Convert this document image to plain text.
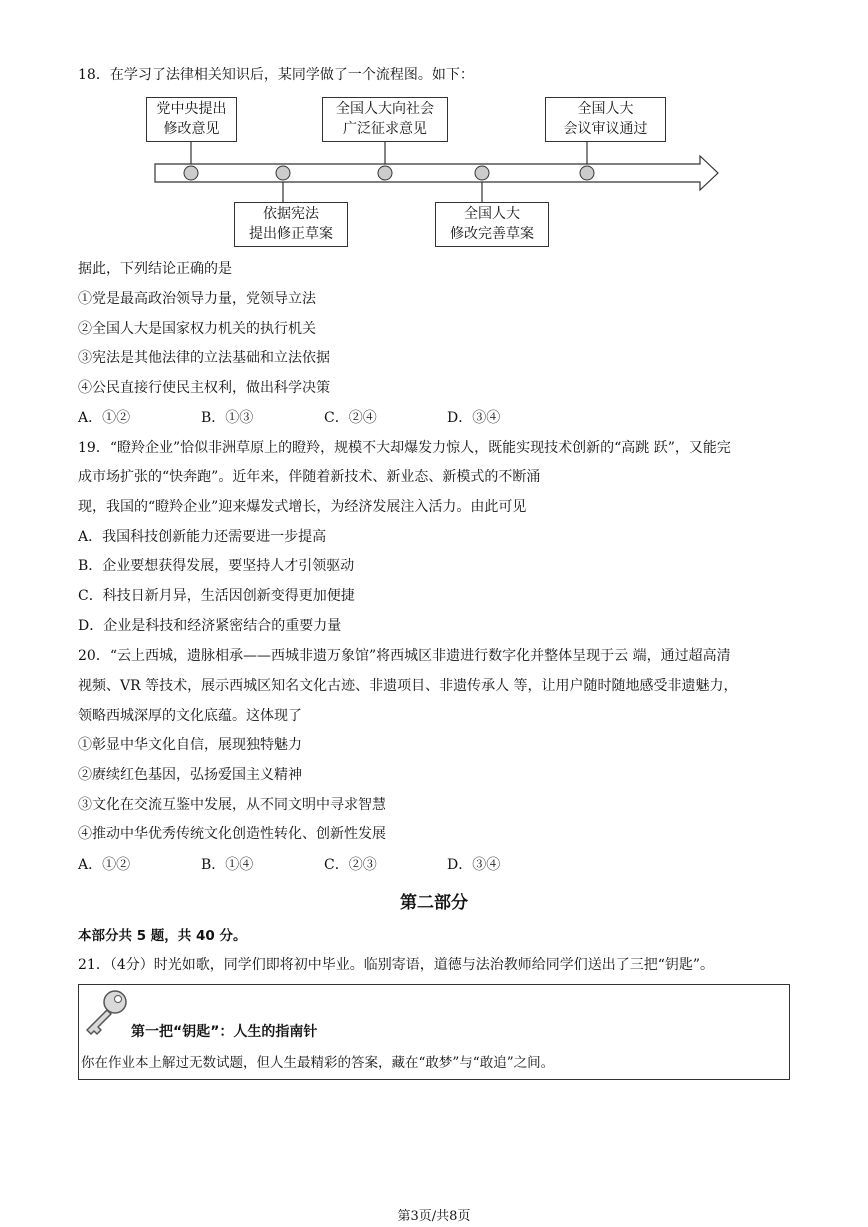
18．在学习了法律相关知识后，某同学做了一个流程图。如下：
党中央提出
修改意见
全国人大向社会
广泛征求意见
全国人大
会议审议通过
依据宪法
提出修正草案
全国人大
修改完善草案
据此，下列结论正确的是
①党是最高政治领导力量，党领导立法
②全国人大是国家权力机关的执行机关
③宪法是其他法律的立法基础和立法依据
④公民直接行使民主权利，做出科学决策
A．①②	B．①③	C．②④	D．③④
19．“瞪羚企业”恰似非洲草原上的瞪羚，规模不大却爆发力惊人，既能实现技术创新的“高跳 跃”，又能完
成市场扩张的“快奔跑”。近年来，伴随着新技术、新业态、新模式的不断涌
现，我国的“瞪羚企业”迎来爆发式增长，为经济发展注入活力。由此可见
A．我国科技创新能力还需要进一步提高
B．企业要想获得发展，要坚持人才引领驱动
C．科技日新月异，生活因创新变得更加便捷
D．企业是科技和经济紧密结合的重要力量
20．“云上西城，遗脉相承——西城非遗万象馆”将西城区非遗进行数字化并整体呈现于云 端，通过超高清
视频、VR 等技术，展示西城区知名文化古迹、非遗项目、非遗传承人 等，让用户随时随地感受非遗魅力，
领略西城深厚的文化底蕴。这体现了
①彰显中华文化自信，展现独特魅力
②赓续红色基因，弘扬爱国主义精神
③文化在交流互鉴中发展，从不同文明中寻求智慧
④推动中华优秀传统文化创造性转化、创新性发展
A．①②	B．①④	C．②③	D．③④
第二部分
本部分共 5 题，共 40 分。
21．（4分）时光如歌，同学们即将初中毕业。临别寄语，道德与法治教师给同学们送出了三把“钥匙”。
第一把“钥匙”：人生的指南针
你在作业本上解过无数试题，但人生最精彩的答案，藏在“敢梦”与“敢追”之间。
第3页/共8页
